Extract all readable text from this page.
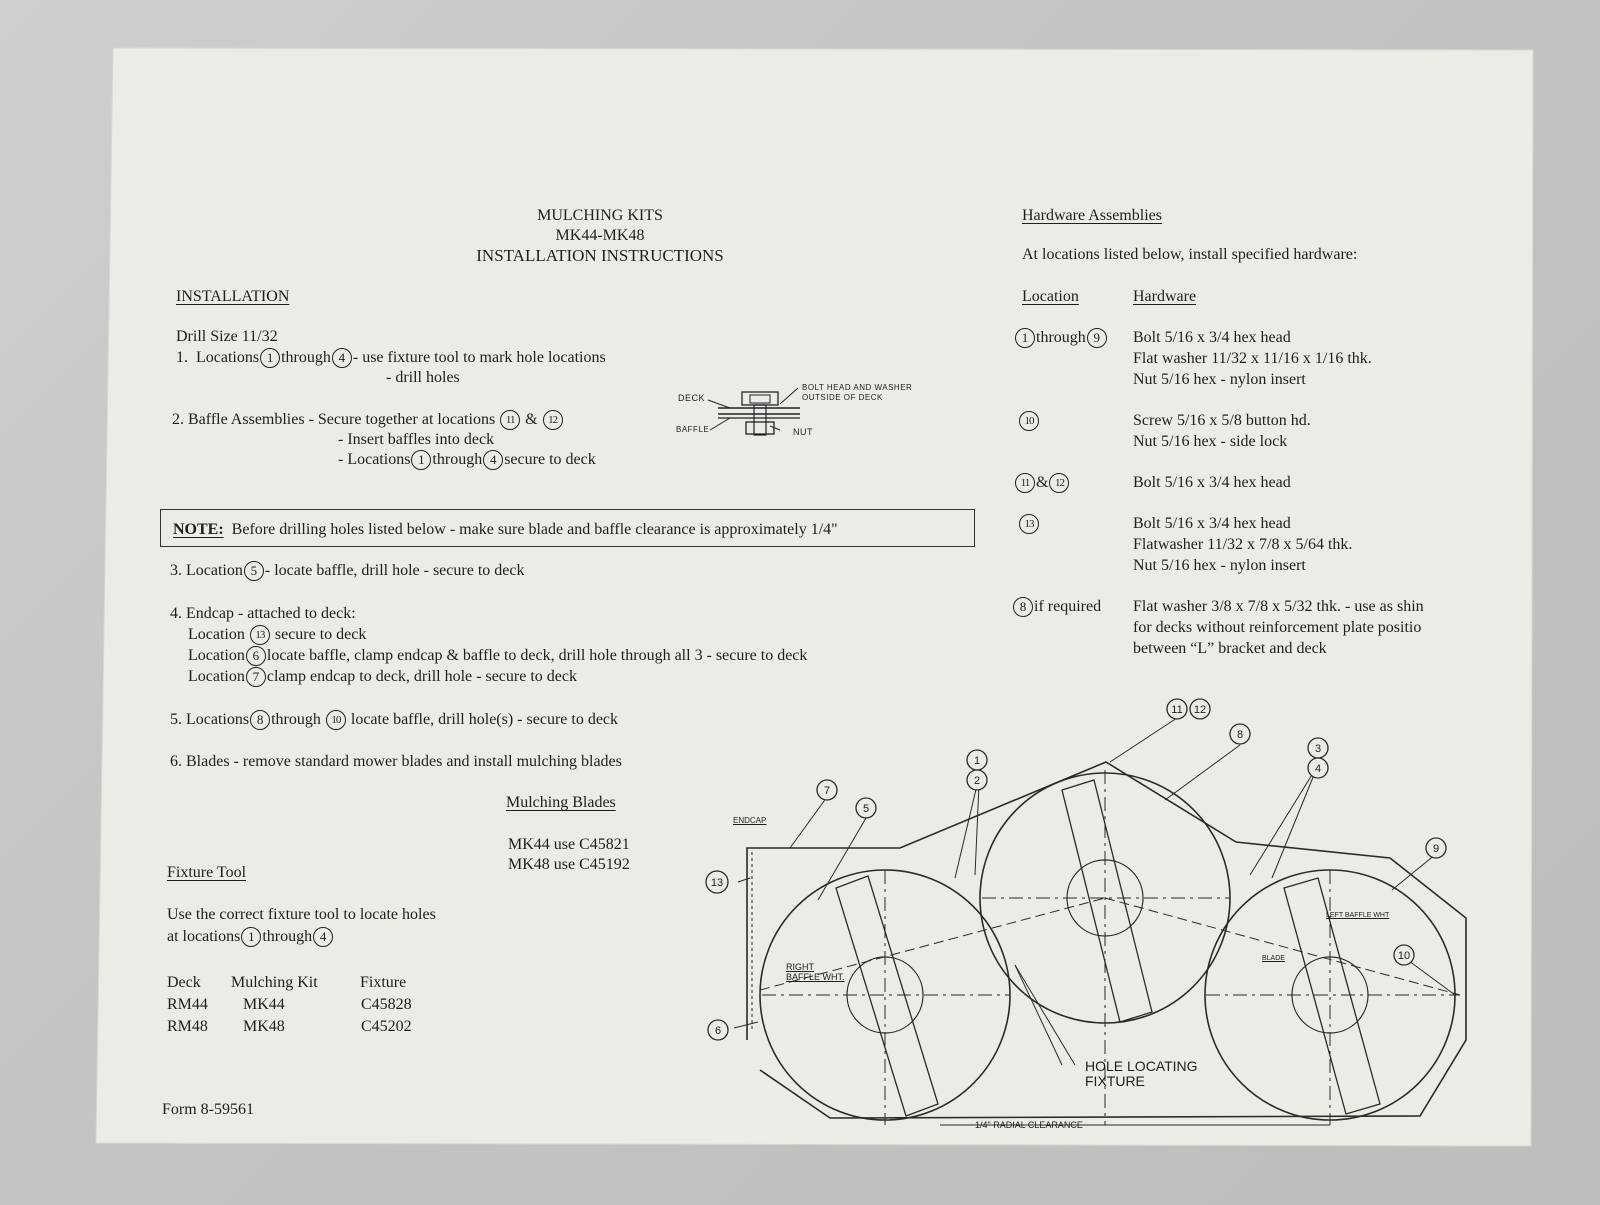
MULCHING KITS
MK44-MK48
INSTALLATION INSTRUCTIONS
INSTALLATION
Drill Size 11/32
1. Locations 1 through 4 - use fixture tool to mark hole locations
- drill holes
2. Baffle Assemblies - Secure together at locations 11 & 12
- Insert baffles into deck
- Locations 1 through 4 secure to deck
DECK
BAFFLE	NUT
BOLT HEAD AND WASHER
OUTSIDE OF DECK
NOTE: Before drilling holes listed below - make sure blade and baffle clearance is approximately 1/4"
3. Location 5 - locate baffle, drill hole - secure to deck
4. Endcap - attached to deck:
Location 13 secure to deck
Location 6 locate baffle, clamp endcap & baffle to deck, drill hole through all 3 - secure to deck
Location 7 clamp endcap to deck, drill hole - secure to deck
5. Locations 8 through 10 locate baffle, drill hole(s) - secure to deck
6. Blades - remove standard mower blades and install mulching blades
Mulching Blades
MK44 use C45821
MK48 use C45192
Fixture Tool
Use the correct fixture tool to locate holes
at locations 1 through 4
Deck Mulching Kit	Fixture
RM44 MK44	C45828
RM48 MK48	C45202
Form 8-59561
Hardware Assemblies
At locations listed below, install specified hardware:
Location	Hardware
1 through 9	Bolt 5/16 x 3/4 hex head
Flat washer 11/32 x 11/16 x 1/16 thk.
Nut 5/16 hex - nylon insert
10	Screw 5/16 x 5/8 button hd.
Nut 5/16 hex - side lock
11 & 12	Bolt 5/16 x 3/4 hex head
13	Bolt 5/16 x 3/4 hex head
Flatwasher 11/32 x 7/8 x 5/64 thk.
Nut 5/16 hex - nylon insert
8 if required Flat washer 3/8 x 7/8 x 5/32 thk. - use as shin
for decks without reinforcement plate positio
between “L” bracket and deck
11 12
8
1
2
3
4
7
5
13
9
10
6
ENDCAP
RIGHT
BAFFLE WHT.
LEFT BAFFLE WHT
BLADE
HOLE LOCATING
FIXTURE
1/4" RADIAL CLEARANCE
